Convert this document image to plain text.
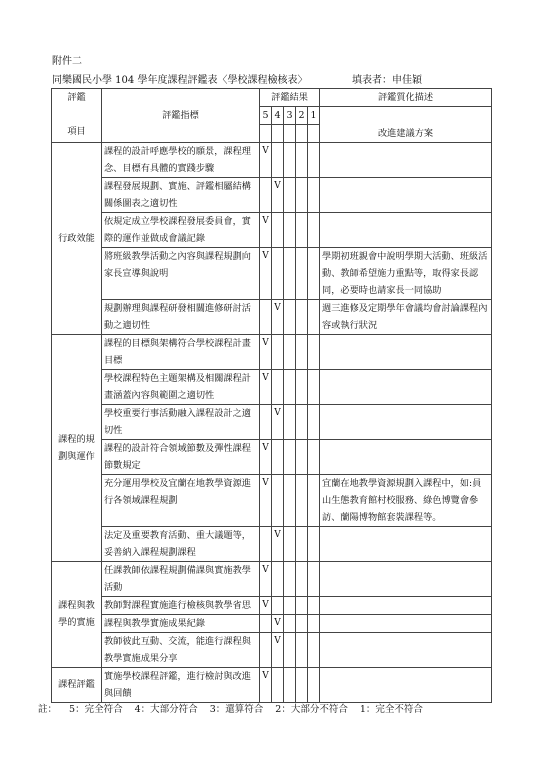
附件二
同樂國民小學 104 學年度課程評鑑表〈學校課程檢核表〉	填表者：申佳穎
評鑑
項目	評鑑指標	評鑑結果					評鑑質化描述
		5	4	3	2	1	
							改進建議方案
行政效能	課程的設計呼應學校的願景，課程理念、目標有具體的實踐步驟	V					
	課程發展規劃、實施、評鑑相屬結構關係圖表之適切性		V				
	依規定成立學校課程發展委員會，實際的運作並做成會議記錄	V					
	將班級教學活動之內容與課程規劃向家長宣導與說明	V					學期初班親會中說明學期大活動、班級活動、教師希望施力重點等，取得家長認同，必要時也請家長一同協助
	規劃辦理與課程研發相關進修研討活動之適切性		V				週三進修及定期學年會議均會討論課程內容或執行狀況
課程的規劃與運作	課程的目標與架構符合學校課程計畫目標	V					
	學校課程特色主題架構及相關課程計畫涵蓋內容與範圍之適切性	V					
	學校重要行事活動融入課程設計之適切性		V				
	課程的設計符合領域節數及彈性課程節數規定	V					
	充分運用學校及宜蘭在地教學資源進行各領域課程規劃	V					宜蘭在地教學資源規劃入課程中，如:員山生態教育館村校服務、綠色博覽會參訪、蘭陽博物館套裝課程等。
	法定及重要教育活動、重大議題等，妥善納入課程規劃課程		V				
課程與教學的實施	任課教師依課程規劃備課與實施教學活動	V					
	教師對課程實施進行檢核與教學省思	V					
	課程與教學實施成果紀錄		V				
	教師彼此互動、交流，能進行課程與教學實施成果分享		V				
課程評鑑	實施學校課程評鑑，進行檢討與改進與回饋	V					
註： 5：完全符合 4：大部分符合 3：還算符合 2：大部分不符合 1：完全不符合
